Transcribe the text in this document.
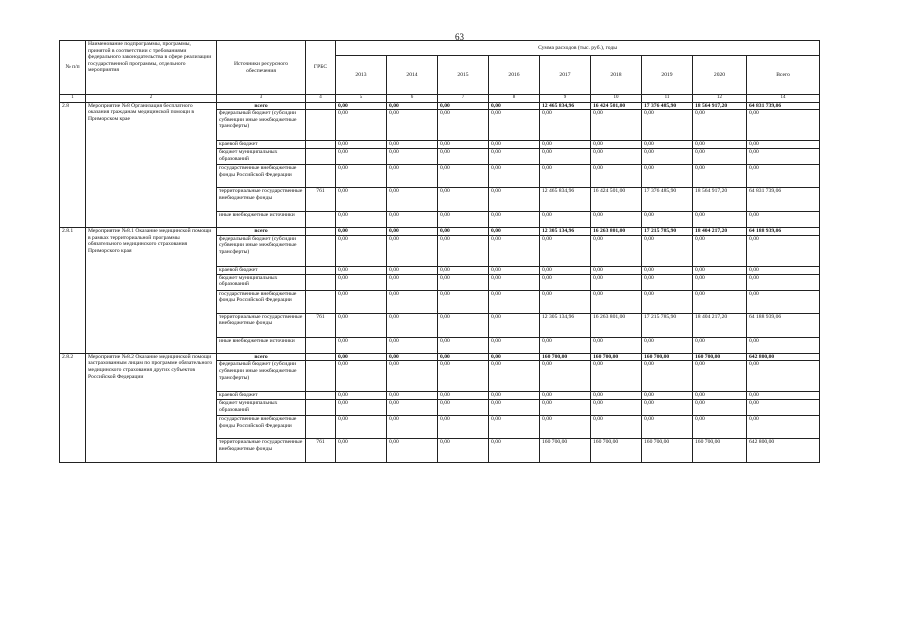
63
№ п/п	Наименование подпрограммы, программы, принятой в соответствии с требованиями федерального законодательства в сфере реализации государственной программы, отдельного мероприятия	Источники ресурсного обеспечения	ГРБС	Сумма расходов (тыс. руб.), годы								
				2013	2014	2015	2016	2017	2018	2019	2020	Всего
1	2	3	4	5	6	7	8	9	10	11	12	14
2.8	Мероприятие №8 Организация бесплатного оказания гражданам медицинской помощи в Приморском крае	всего		0,00	0,00	0,00	0,00	12 465 834,96	16 424 501,00	17 376 485,90	18 564 917,20	64 831 739,06
		федеральный бюджет (субсидии субвенции иные межбюджетные трансферты)		0,00	0,00	0,00	0,00	0,00	0,00	0,00	0,00	0,00
		краевой бюджет		0,00	0,00	0,00	0,00	0,00	0,00	0,00	0,00	0,00
		бюджет муниципальных образований		0,00	0,00	0,00	0,00	0,00	0,00	0,00	0,00	0,00
		государственные внебюджетные фонды Российской Федерации		0,00	0,00	0,00	0,00	0,00	0,00	0,00	0,00	0,00
		территориальные государственные внебюджетные фонды	761	0,00	0,00	0,00	0,00	12 465 834,96	16 424 501,00	17 376 485,90	18 564 917,20	64 831 739,06
		иные внебюджетные источники		0,00	0,00	0,00	0,00	0,00	0,00	0,00	0,00	0,00
2.8.1	Мероприятие №8.1 Оказание медицинской помощи в рамках территориальной программы обязательного медицинского страхования Приморского края	всего		0,00	0,00	0,00	0,00	12 305 134,96	16 263 801,00	17 215 785,90	18 404 217,20	64 188 939,06
		федеральный бюджет (субсидии субвенции иные межбюджетные трансферты)		0,00	0,00	0,00	0,00	0,00	0,00	0,00	0,00	0,00
		краевой бюджет		0,00	0,00	0,00	0,00	0,00	0,00	0,00	0,00	0,00
		бюджет муниципальных образований		0,00	0,00	0,00	0,00	0,00	0,00	0,00	0,00	0,00
		государственные внебюджетные фонды Российской Федерации		0,00	0,00	0,00	0,00	0,00	0,00	0,00	0,00	0,00
		территориальные государственные внебюджетные фонды	761	0,00	0,00	0,00	0,00	12 305 134,96	16 263 801,00	17 215 785,90	18 404 217,20	64 188 939,06
		иные внебюджетные источники		0,00	0,00	0,00	0,00	0,00	0,00	0,00	0,00	0,00
2.8.2	Мероприятие №8.2 Оказание медицинской помощи застрахованным лицам по программе обязательного медицинского страхования других субъектов Российской Федерации	всего		0,00	0,00	0,00	0,00	160 700,00	160 700,00	160 700,00	160 700,00	642 800,00
		федеральный бюджет (субсидии субвенции иные межбюджетные трансферты)		0,00	0,00	0,00	0,00	0,00	0,00	0,00	0,00	0,00
		краевой бюджет		0,00	0,00	0,00	0,00	0,00	0,00	0,00	0,00	0,00
		бюджет муниципальных образований		0,00	0,00	0,00	0,00	0,00	0,00	0,00	0,00	0,00
		государственные внебюджетные фонды Российской Федерации		0,00	0,00	0,00	0,00	0,00	0,00	0,00	0,00	0,00
		территориальные государственные внебюджетные фонды	761	0,00	0,00	0,00	0,00	160 700,00	160 700,00	160 700,00	160 700,00	642 800,00
